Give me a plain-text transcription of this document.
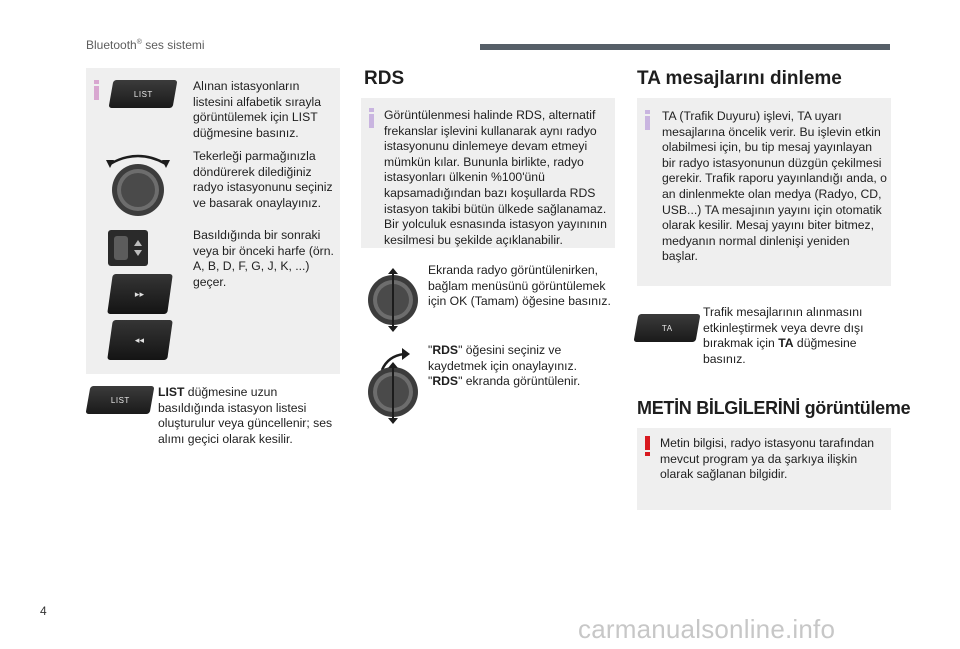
Bluetooth® ses sistemi
LIST
Alınan istasyonların listesini alfabetik sırayla görüntülemek için LIST düğmesine basınız.
Tekerleği parmağınızla döndürerek dilediğiniz radyo istasyonunu seçiniz ve basarak onaylayınız.
Basıldığında bir sonraki veya bir önceki harfe (örn. A, B, D, F, G, J, K, ...) geçer.
▸▸
◂◂
LIST
LIST düğmesine uzun basıldığında istasyon listesi oluşturulur veya güncellenir; ses alımı geçici olarak kesilir.
RDS
Görüntülenmesi halinde RDS, alternatif frekanslar işlevini kullanarak aynı radyo istasyonunu dinlemeye devam etmeyi mümkün kılar. Bununla birlikte, radyo istasyonları ülkenin %100'ünü kapsamadığından bazı koşullarda RDS istasyon takibi bütün ülkede sağlanamaz. Bir yolculuk esnasında istasyon yayınının kesilmesi bu şekilde açıklanabilir.
Ekranda radyo görüntülenirken, bağlam menüsünü görüntülemek için OK (Tamam) öğesine basınız.
"RDS" öğesini seçiniz ve kaydetmek için onaylayınız.
"RDS" ekranda görüntülenir.
TA mesajlarını dinleme
TA (Trafik Duyuru) işlevi, TA uyarı mesajlarına öncelik verir. Bu işlevin etkin olabilmesi için, bu tip mesaj yayınlayan bir radyo istasyonunun düzgün çekilmesi gerekir. Trafik raporu yayınlandığı anda, o an dinlenmekte olan medya (Radyo, CD, USB...) TA mesajının yayını için otomatik olarak kesilir. Mesaj yayını biter bitmez, medyanın normal dinlenişi yeniden başlar.
TA
Trafik mesajlarının alınmasını etkinleştirmek veya devre dışı bırakmak için TA düğmesine basınız.
METİN BİLGİLERİNİ görüntüleme
Metin bilgisi, radyo istasyonu tarafından mevcut program ya da şarkıya ilişkin olarak sağlanan bilgidir.
4
carmanualsonline.info
